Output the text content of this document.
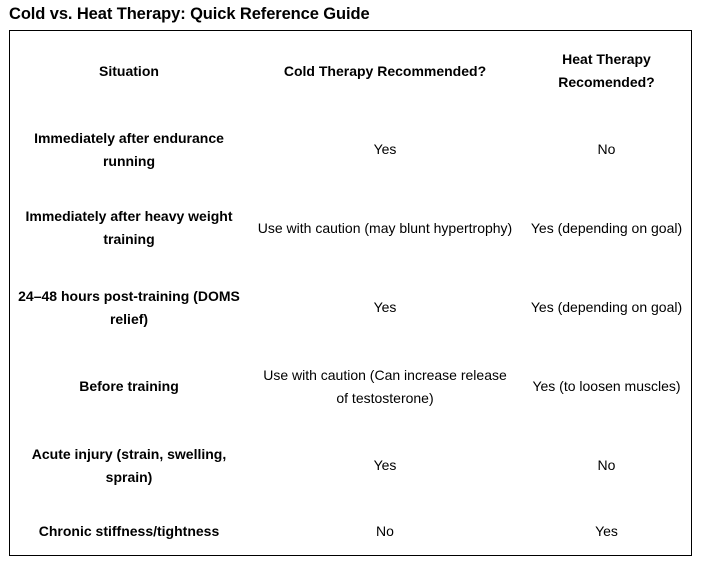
Cold vs. Heat Therapy: Quick Reference Guide
Situation	Cold Therapy Recommended?	Heat Therapy Recomended?
Immediately after endurance running	Yes	No
Immediately after heavy weight training	Use with caution (may blunt hypertrophy)	Yes (depending on goal)
24–48 hours post-training (DOMS relief)	Yes	Yes (depending on goal)
Before training	Use with caution (Can increase release of testosterone)	Yes (to loosen muscles)
Acute injury (strain, swelling, sprain)	Yes	No
Chronic stiffness/tightness	No	Yes
